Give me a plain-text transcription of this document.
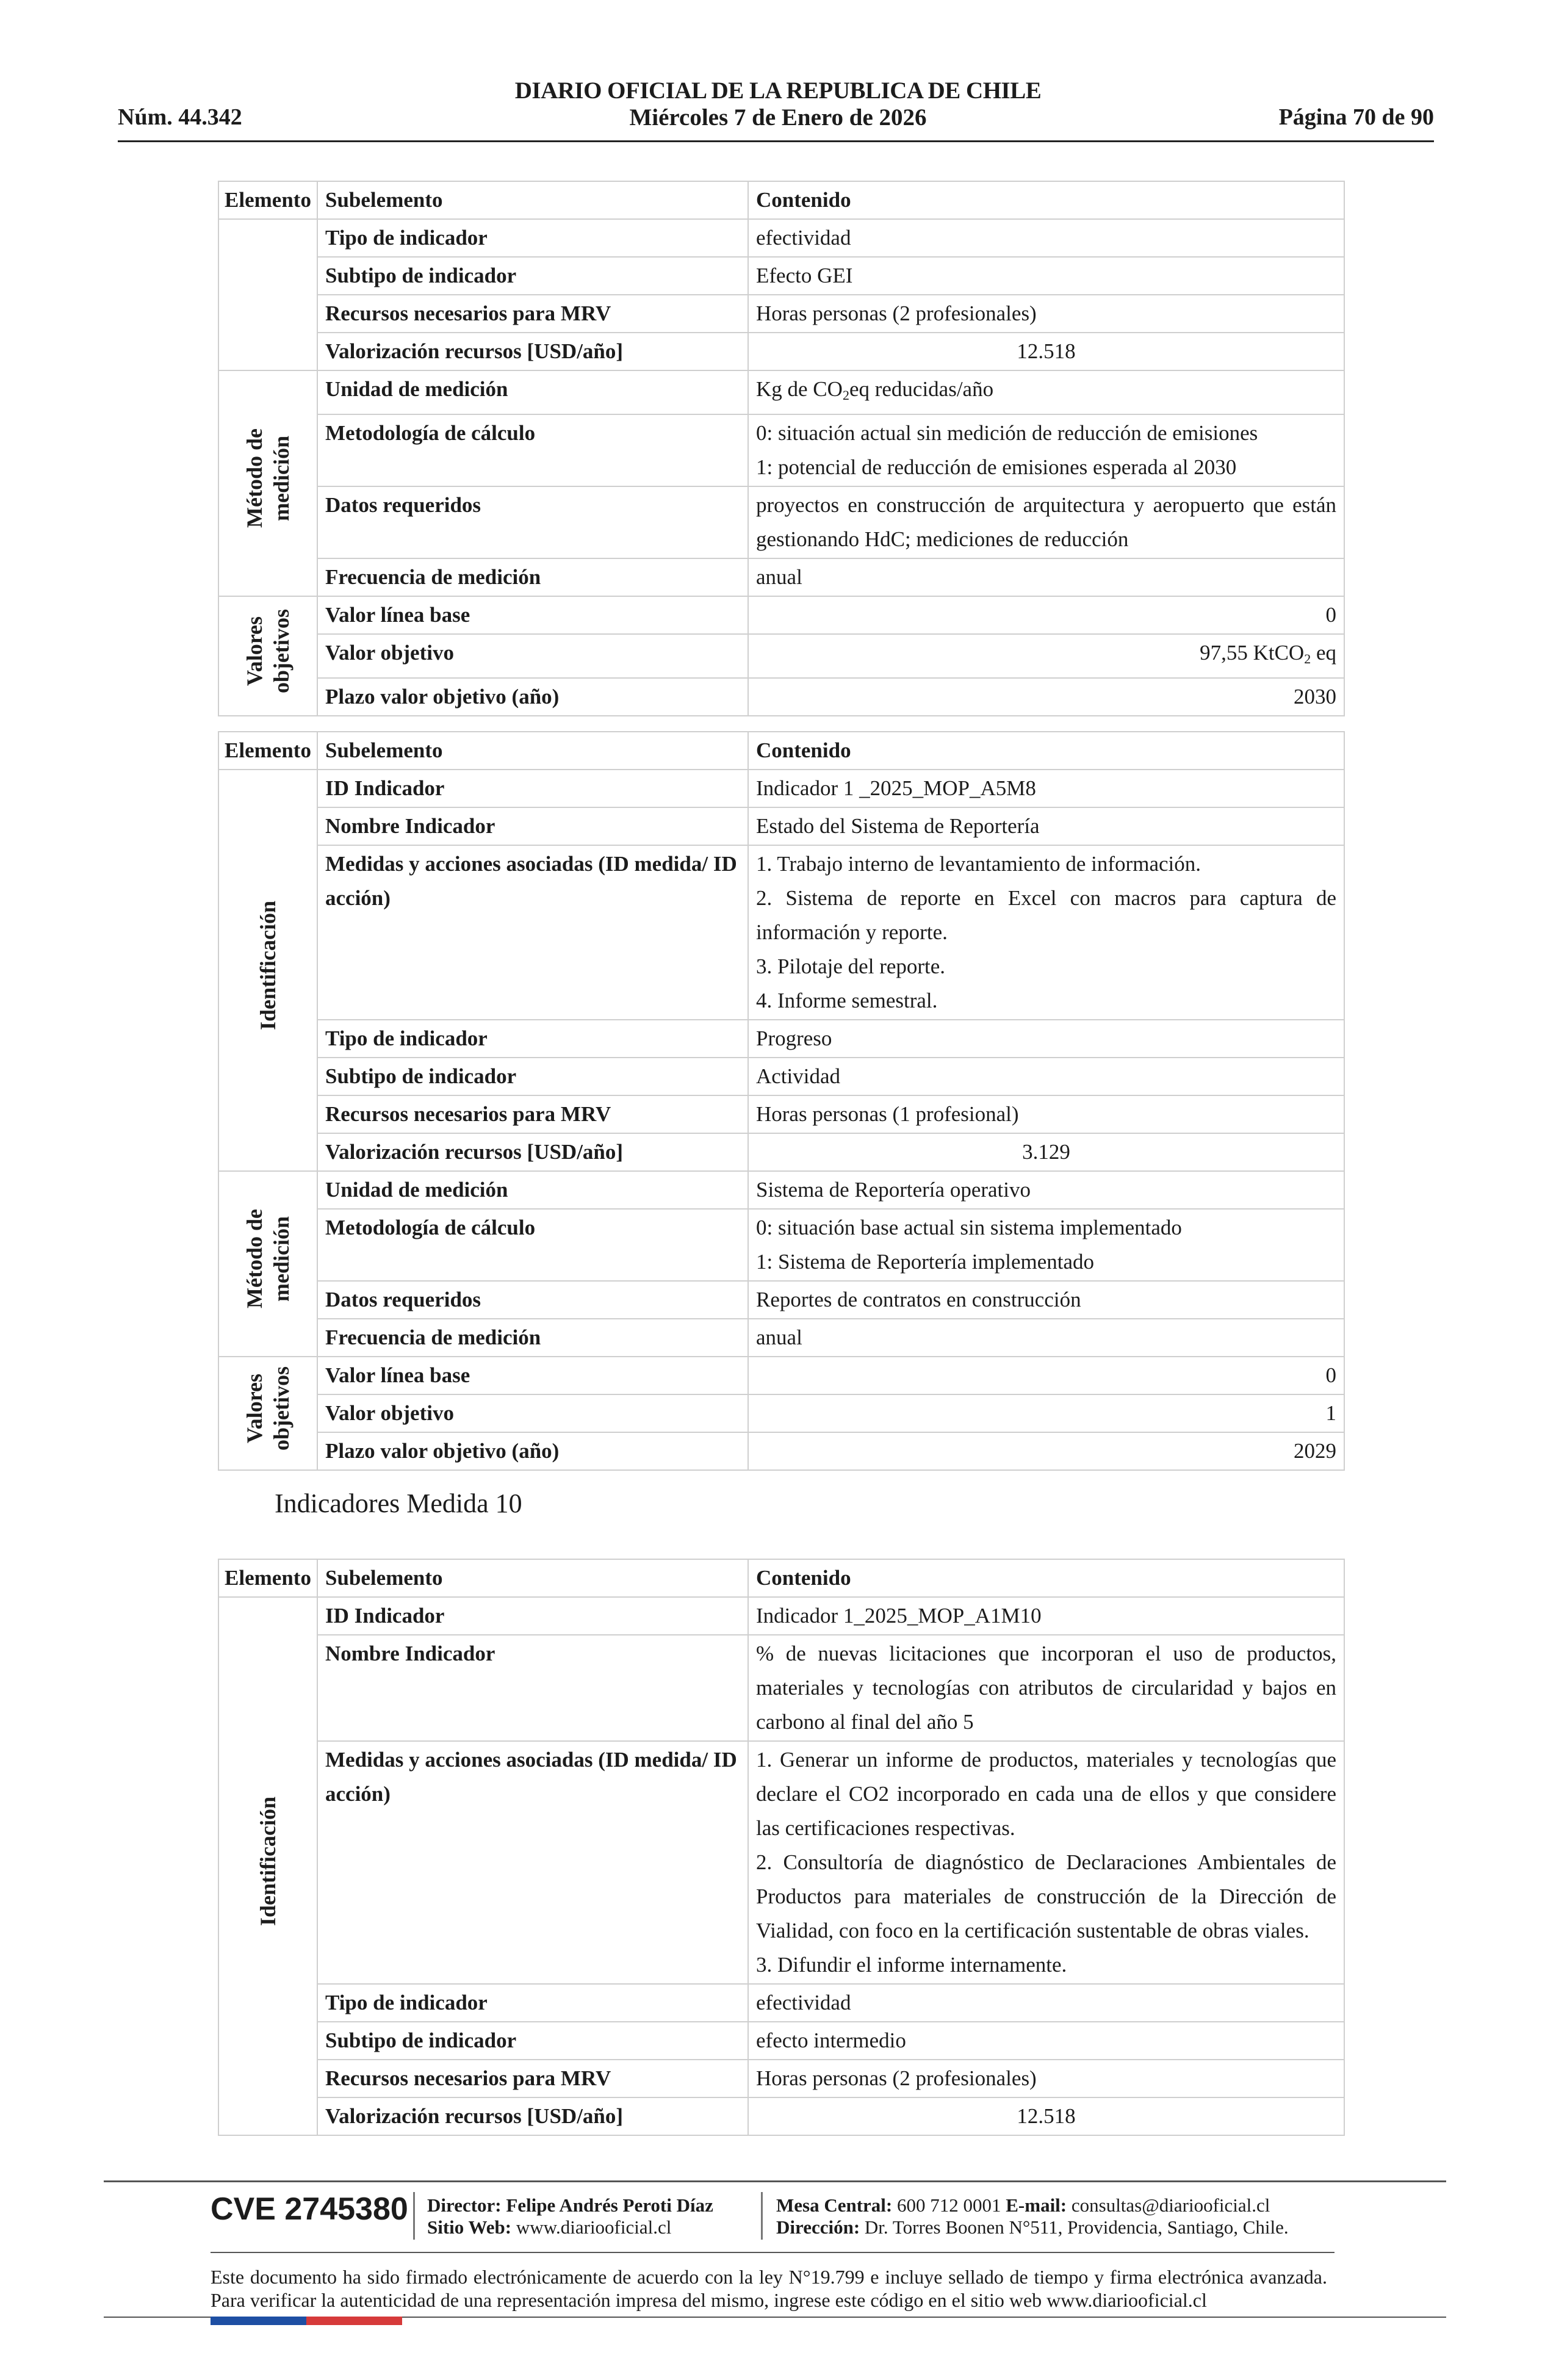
Núm. 44.342
DIARIO OFICIAL DE LA REPUBLICA DE CHILE
Miércoles 7 de Enero de 2026	Página 70 de 90
Elemento	Subelemento	Contenido
	Tipo de indicador	efectividad
	Subtipo de indicador	Efecto GEI
	Recursos necesarios para MRV	Horas personas (2 profesionales)
	Valorización recursos [USD/año]	12.518
Método de
medición	Unidad de medición	Kg de $CO_2eq$ reducidas/año
	Metodología de cálculo	0: situación actual sin medición de reducción de emisiones
1: potencial de reducción de emisiones esperada al 2030

	Datos requeridos	proyectos en construcción de arquitectura y aeropuerto que están gestionando HdC; mediciones de reducción
	Frecuencia de medición	anual
Valores
objetivos	Valor línea base	0
	Valor objetivo	97,55 KtCO$_2$ eq
	Plazo valor objetivo (año)	2030
Elemento	Subelemento	Contenido
Identificación	ID Indicador	Indicador 1 _2025_MOP_A5M8
	Nombre Indicador	Estado del Sistema de Reportería
	Medidas y acciones asociadas (ID medida/ ID acción)	1. Trabajo interno de levantamiento de información.
2. Sistema de reporte en Excel con macros para captura de información y reporte.
3. Pilotaje del reporte.
4. Informe semestral.

	Tipo de indicador	Progreso
	Subtipo de indicador	Actividad
	Recursos necesarios para MRV	Horas personas (1 profesional)
	Valorización recursos [USD/año]	3.129
Método de
medición	Unidad de medición	Sistema de Reportería operativo
	Metodología de cálculo	0: situación base actual sin sistema implementado
1: Sistema de Reportería implementado

	Datos requeridos	Reportes de contratos en construcción
	Frecuencia de medición	anual
Valores
objetivos	Valor línea base	0
	Valor objetivo	1
	Plazo valor objetivo (año)	2029
Indicadores Medida 10
Elemento	Subelemento	Contenido
Identificación	ID Indicador	Indicador 1_2025_MOP_A1M10
	Nombre Indicador	% de nuevas licitaciones que incorporan el uso de productos, materiales y tecnologías con atributos de circularidad y bajos en carbono al final del año 5
	Medidas y acciones asociadas (ID medida/ ID acción)	1. Generar un informe de productos, materiales y tecnologías que declare el CO2 incorporado en cada una de ellos y que considere las certificaciones respectivas.
2. Consultoría de diagnóstico de Declaraciones Ambientales de Productos para materiales de construcción de la Dirección de Vialidad, con foco en la certificación sustentable de obras viales.
3. Difundir el informe internamente.

	Tipo de indicador	efectividad
	Subtipo de indicador	efecto intermedio
	Recursos necesarios para MRV	Horas personas (2 profesionales)
	Valorización recursos [USD/año]	12.518
CVE 2745380 Director: Felipe Andrés Peroti Díaz
Sitio Web: www.diariooficial.cl
Mesa Central: 600 712 0001 E-mail: consultas@diariooficial.cl
Dirección: Dr. Torres Boonen N°511, Providencia, Santiago, Chile.
Este documento ha sido firmado electrónicamente de acuerdo con la ley N°19.799 e incluye sellado de tiempo y firma electrónica avanzada. Para verificar la autenticidad de una representación impresa del mismo, ingrese este código en el sitio web www.diariooficial.cl
